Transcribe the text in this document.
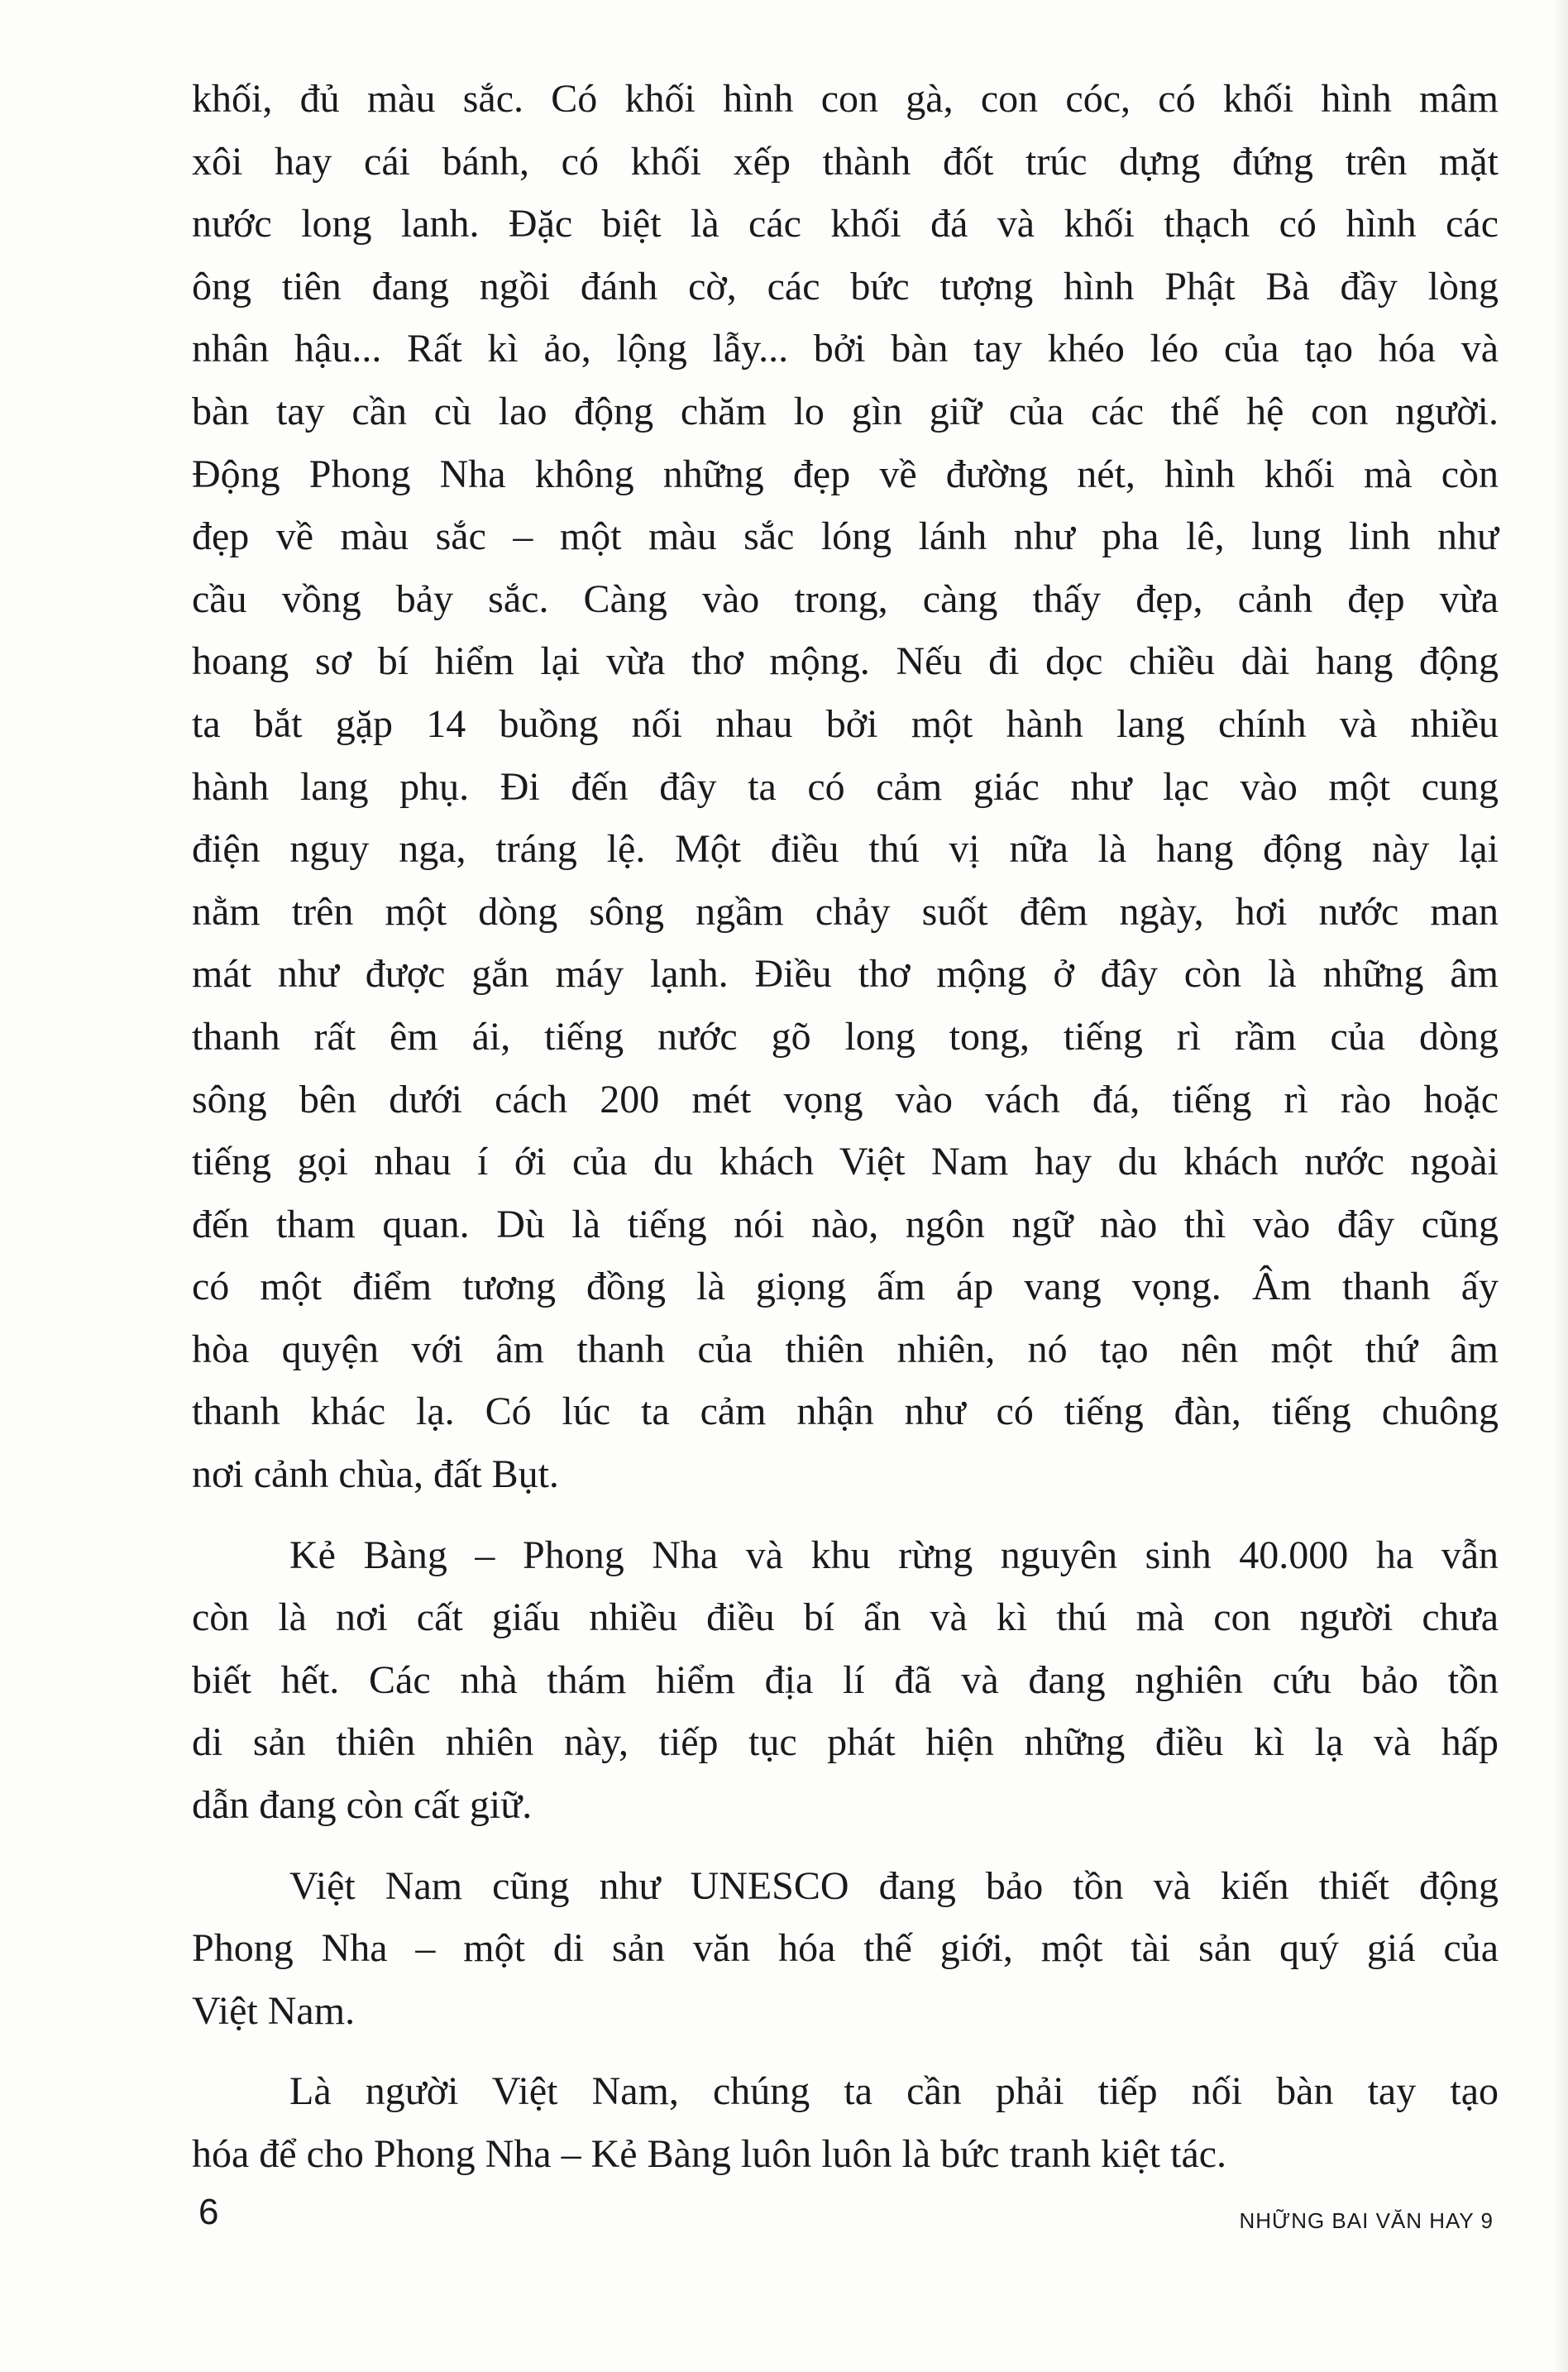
khối, đủ màu sắc. Có khối hình con gà, con cóc, có khối hình mâm
xôi hay cái bánh, có khối xếp thành đốt trúc dựng đứng trên mặt
nước long lanh. Đặc biệt là các khối đá và khối thạch có hình các
ông tiên đang ngồi đánh cờ, các bức tượng hình Phật Bà đầy lòng
nhân hậu... Rất kì ảo, lộng lẫy... bởi bàn tay khéo léo của tạo hóa và
bàn tay cần cù lao động chăm lo gìn giữ của các thế hệ con người.
Động Phong Nha không những đẹp về đường nét, hình khối mà còn
đẹp về màu sắc – một màu sắc lóng lánh như pha lê, lung linh như
cầu vồng bảy sắc. Càng vào trong, càng thấy đẹp, cảnh đẹp vừa
hoang sơ bí hiểm lại vừa thơ mộng. Nếu đi dọc chiều dài hang động
ta bắt gặp 14 buồng nối nhau bởi một hành lang chính và nhiều
hành lang phụ. Đi đến đây ta có cảm giác như lạc vào một cung
điện nguy nga, tráng lệ. Một điều thú vị nữa là hang động này lại
nằm trên một dòng sông ngầm chảy suốt đêm ngày, hơi nước man
mát như được gắn máy lạnh. Điều thơ mộng ở đây còn là những âm
thanh rất êm ái, tiếng nước gõ long tong, tiếng rì rầm của dòng
sông bên dưới cách 200 mét vọng vào vách đá, tiếng rì rào hoặc
tiếng gọi nhau í ới của du khách Việt Nam hay du khách nước ngoài
đến tham quan. Dù là tiếng nói nào, ngôn ngữ nào thì vào đây cũng
có một điểm tương đồng là giọng ấm áp vang vọng. Âm thanh ấy
hòa quyện với âm thanh của thiên nhiên, nó tạo nên một thứ âm
thanh khác lạ. Có lúc ta cảm nhận như có tiếng đàn, tiếng chuông
nơi cảnh chùa, đất Bụt.
Kẻ Bàng – Phong Nha và khu rừng nguyên sinh 40.000 ha vẫn
còn là nơi cất giấu nhiều điều bí ẩn và kì thú mà con người chưa
biết hết. Các nhà thám hiểm địa lí đã và đang nghiên cứu bảo tồn
di sản thiên nhiên này, tiếp tục phát hiện những điều kì lạ và hấp
dẫn đang còn cất giữ.
Việt Nam cũng như UNESCO đang bảo tồn và kiến thiết động
Phong Nha – một di sản văn hóa thế giới, một tài sản quý giá của
Việt Nam.
Là người Việt Nam, chúng ta cần phải tiếp nối bàn tay tạo
hóa để cho Phong Nha – Kẻ Bàng luôn luôn là bức tranh kiệt tác.
6	NHỮNG BAI VĂN HAY 9
